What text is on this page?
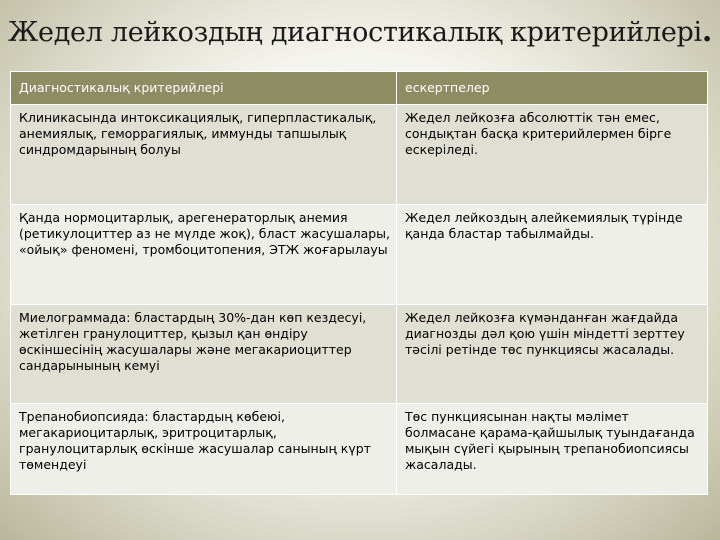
Жедел лейкоздың диагностикалық критерийлері.
Диагностикалық критерийлері	ескертпелер
Клиникасында интоксикациялық, гиперпластикалық, анемиялық, геморрагиялық, иммунды тапшылық синдромдарының болуы	Жедел лейкозға абсолюттік тән емес, сондықтан басқа критерийлермен бірге ескеріледі.
Қанда нормоцитарлық, арегенераторлық анемия (ретикулоциттер аз не мүлде жоқ), бласт жасушалары, «ойық» феномені, тромбоцитопения, ЭТЖ жоғарылауы	Жедел лейкоздың алейкемиялық түрінде қанда бластар табылмайды.
Миелограммада: бластардың 30%-дан көп кездесуі, жетілген гранулоциттер, қызыл қан өндіру өскіншесінің жасушалары және мегакариоциттер сандарынының кемуі	Жедел лейкозға күмәнданған жағдайда диагнозды дәл қою үшін міндетті зерттеу тәсілі ретінде төс пункциясы жасалады.
Трепанобиопсияда: бластардың көбеюі, мегакариоцитарлық, эритроцитарлық, гранулоцитарлық өскінше жасушалар санының күрт төмендеуі	Төс пункциясынан нақты мәлімет болмасане қарама-қайшылық туындағанда мықын сүйегі қырының трепанобиопсиясы жасалады.
